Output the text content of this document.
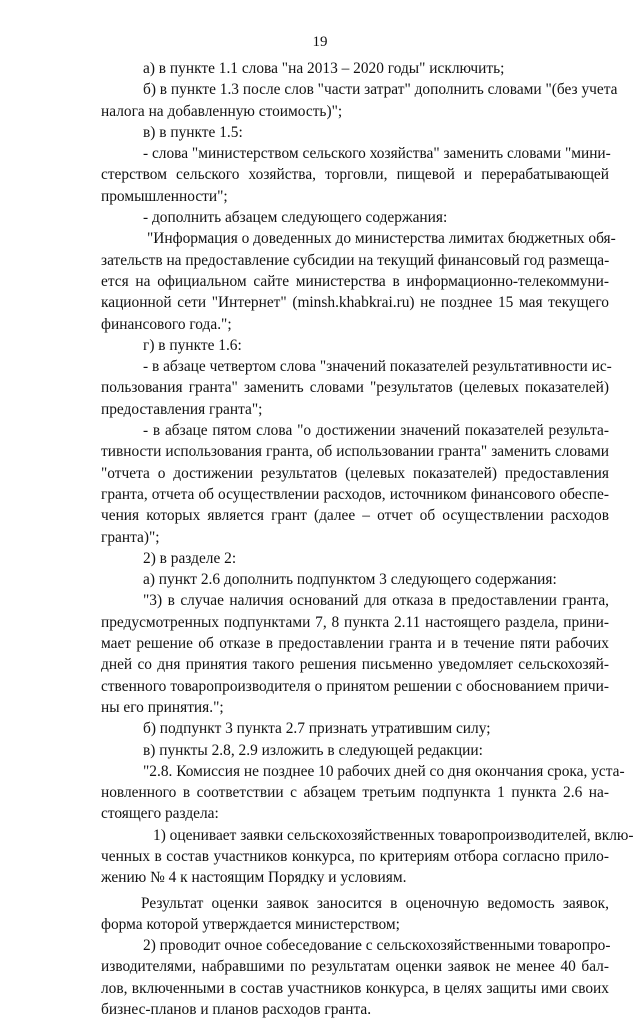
19
а) в пункте 1.1 слова "на 2013 – 2020 годы" исключить;
б) в пункте 1.3 после слов "части затрат" дополнить словами "(без учета
налога на добавленную стоимость)";
в) в пункте 1.5:
- слова "министерством сельского хозяйства" заменить словами "мини-
стерством сельского хозяйства, торговли, пищевой и перерабатывающей
промышленности";
- дополнить абзацем следующего содержания:
"Информация о доведенных до министерства лимитах бюджетных обя-
зательств на предоставление субсидии на текущий финансовый год размеща-
ется на официальном сайте министерства в информационно-телекоммуни-
кационной сети "Интернет" (minsh.khabkrai.ru) не позднее 15 мая текущего
финансового года.";
г) в пункте 1.6:
- в абзаце четвертом слова "значений показателей результативности ис-
пользования гранта" заменить словами "результатов (целевых показателей)
предоставления гранта";
- в абзаце пятом слова "о достижении значений показателей результа-
тивности использования гранта, об использовании гранта" заменить словами
"отчета о достижении результатов (целевых показателей) предоставления
гранта, отчета об осуществлении расходов, источником финансового обеспе-
чения которых является грант (далее – отчет об осуществлении расходов
гранта)";
2) в разделе 2:
а) пункт 2.6 дополнить подпунктом 3 следующего содержания:
"3) в случае наличия оснований для отказа в предоставлении гранта,
предусмотренных подпунктами 7, 8 пункта 2.11 настоящего раздела, прини-
мает решение об отказе в предоставлении гранта и в течение пяти рабочих
дней со дня принятия такого решения письменно уведомляет сельскохозяй-
ственного товаропроизводителя о принятом решении с обоснованием причи-
ны его принятия.";
б) подпункт 3 пункта 2.7 признать утратившим силу;
в) пункты 2.8, 2.9 изложить в следующей редакции:
"2.8. Комиссия не позднее 10 рабочих дней со дня окончания срока, уста-
новленного в соответствии с абзацем третьим подпункта 1 пункта 2.6 на-
стоящего раздела:
1) оценивает заявки сельскохозяйственных товаропроизводителей, вклю-
ченных в состав участников конкурса, по критериям отбора согласно прило-
жению № 4 к настоящим Порядку и условиям.
Результат оценки заявок заносится в оценочную ведомость заявок,
форма которой утверждается министерством;
2) проводит очное собеседование с сельскохозяйственными товаропро-
изводителями, набравшими по результатам оценки заявок не менее 40 бал-
лов, включенными в состав участников конкурса, в целях защиты ими своих
бизнес-планов и планов расходов гранта.
